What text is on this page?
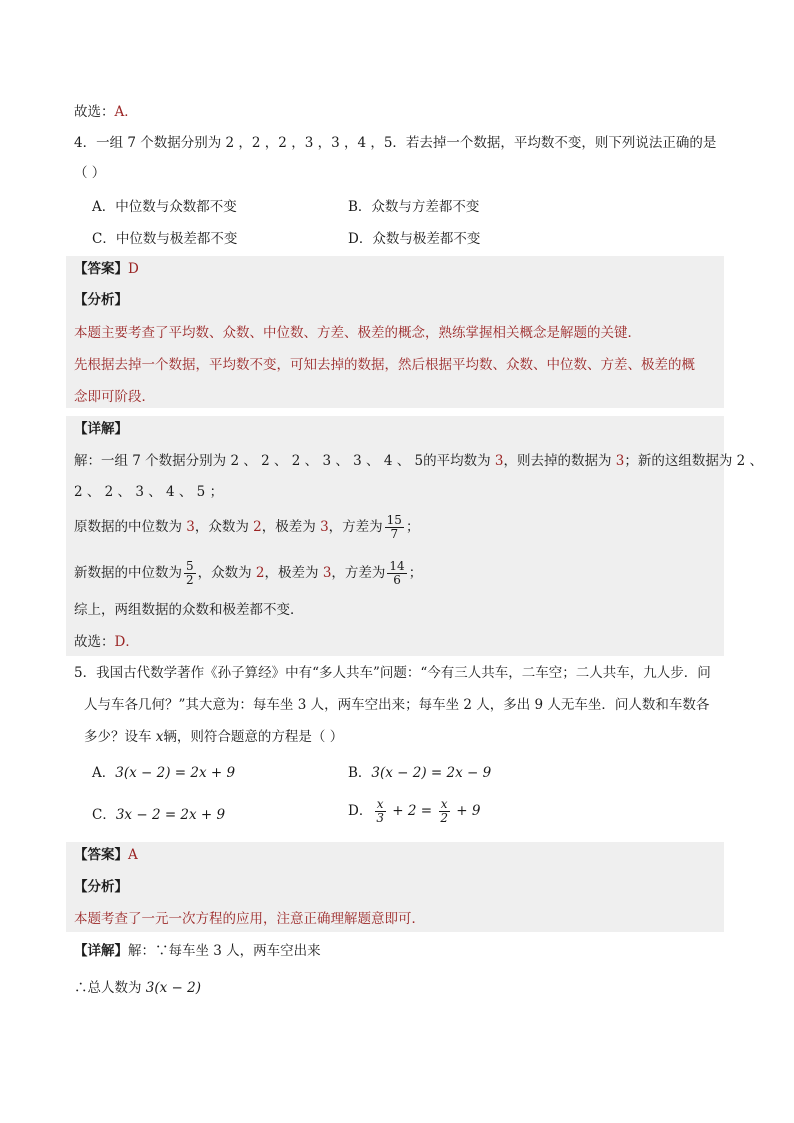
故选：A．
4．一组 7 个数据分别为 2 ，2 ，2 ，3 ，3 ，4 ，5．若去掉一个数据，平均数不变，则下列说法正确的是
（ ）
A．中位数与众数都不变	B．众数与方差都不变
C．中位数与极差都不变	D．众数与极差都不变
【答案】D
【分析】
本题主要考查了平均数、众数、中位数、方差、极差的概念，熟练掌握相关概念是解题的关键．
先根据去掉一个数据，平均数不变，可知去掉的数据，然后根据平均数、众数、中位数、方差、极差的概
念即可阶段．
【详解】
解：一组 7 个数据分别为 2 、 2 、 2 、 3 、 3 、 4 、 5的平均数为 3，则去掉的数据为 3；新的这组数据为 2 、
2 、 2 、 3 、 4 、 5 ；
原数据的中位数为 3，众数为 2，极差为 3，方差为 $\frac{15}{7}$ ；
新数据的中位数为 $\frac{5}{2}$ ，众数为 2，极差为 3，方差为 $\frac{14}{6}$ ；
综上，两组数据的众数和极差都不变．
故选：D．
5．我国古代数学著作《孙子算经》中有“多人共车”问题：“今有三人共车，二车空；二人共车，九人步．问
人与车各几何？”其大意为：每车坐 3 人，两车空出来；每车坐 2 人，多出 9 人无车坐．问人数和车数各
多少？设车 x辆，则符合题意的方程是（ ）
A．3(x − 2) = 2x + 9	B．3(x − 2) = 2x − 9
C．3x − 2 = 2x + 9	D． $\frac{x}{3} + 2 = \frac{x}{2} + 9$
【答案】A
【分析】
本题考查了一元一次方程的应用，注意正确理解题意即可．
【详解】解：∵每车坐 3 人，两车空出来
∴总人数为 3(x − 2)
